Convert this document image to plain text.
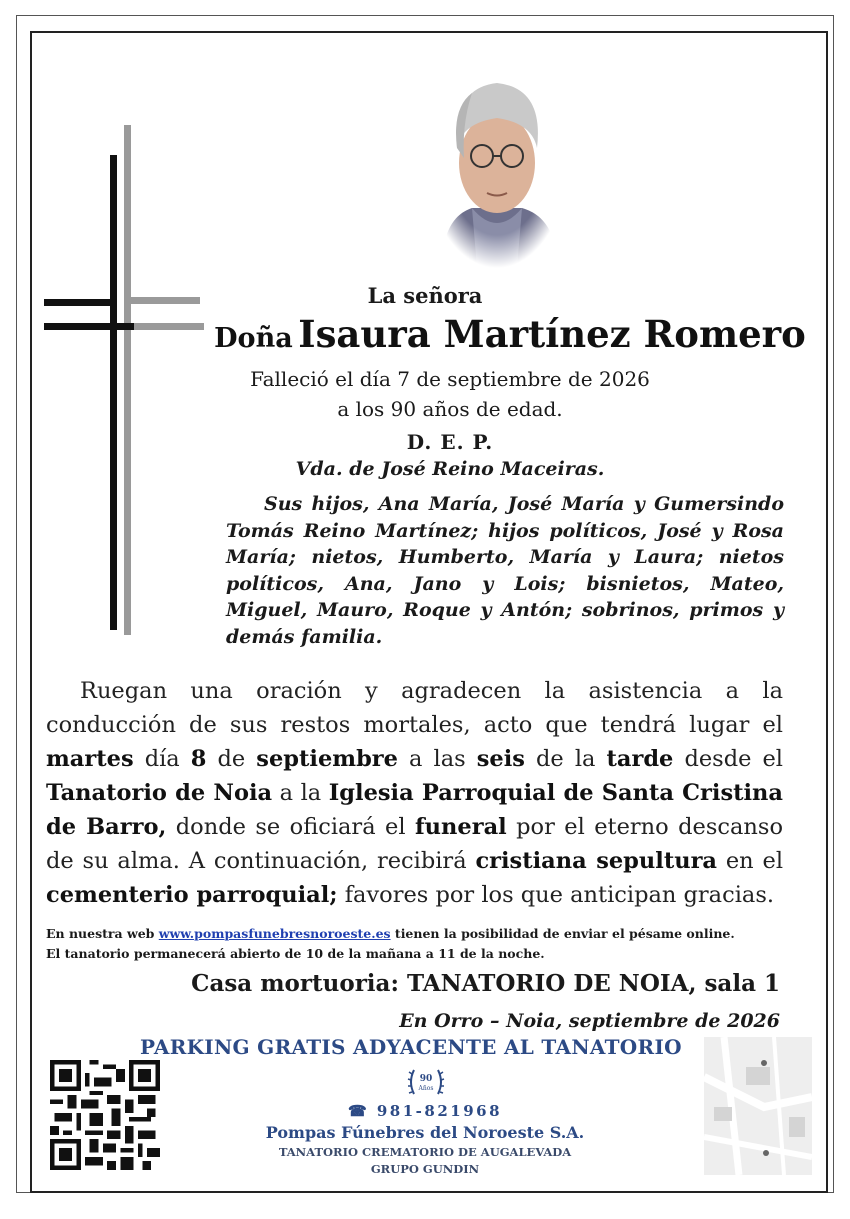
La señora
Doña Isaura Martínez Romero
Falleció el día 7 de septiembre de 2026
a los 90 años de edad.
D. E. P.
Vda. de José Reino Maceiras.
Sus hijos, Ana María, José María y Gumersindo Tomás Reino Martínez; hijos políticos, José y Rosa María; nietos, Humberto, María y Laura; nietos políticos, Ana, Jano y Lois; bisnietos, Mateo, Miguel, Mauro, Roque y Antón; sobrinos, primos y demás familia.
Ruegan una oración y agradecen la asistencia a la conducción de sus restos mortales, acto que tendrá lugar el martes día 8 de septiembre a las seis de la tarde desde el Tanatorio de Noia a la Iglesia Parroquial de Santa Cristina de Barro, donde se oficiará el funeral por el eterno descanso de su alma. A continuación, recibirá cristiana sepultura en el cementerio parroquial; favores por los que anticipan gracias.
En nuestra web www.pompasfunebresnoroeste.es tienen la posibilidad de enviar el pésame online.
El tanatorio permanecerá abierto de 10 de la mañana a 11 de la noche.
Casa mortuoria: TANATORIO DE NOIA, sala 1
En Orro – Noia, septiembre de 2026
PARKING GRATIS ADYACENTE AL TANATORIO
90
Años
☎ 981-821968
Pompas Fúnebres del Noroeste S.A.
TANATORIO CREMATORIO DE AUGALEVADA
GRUPO GUNDIN
